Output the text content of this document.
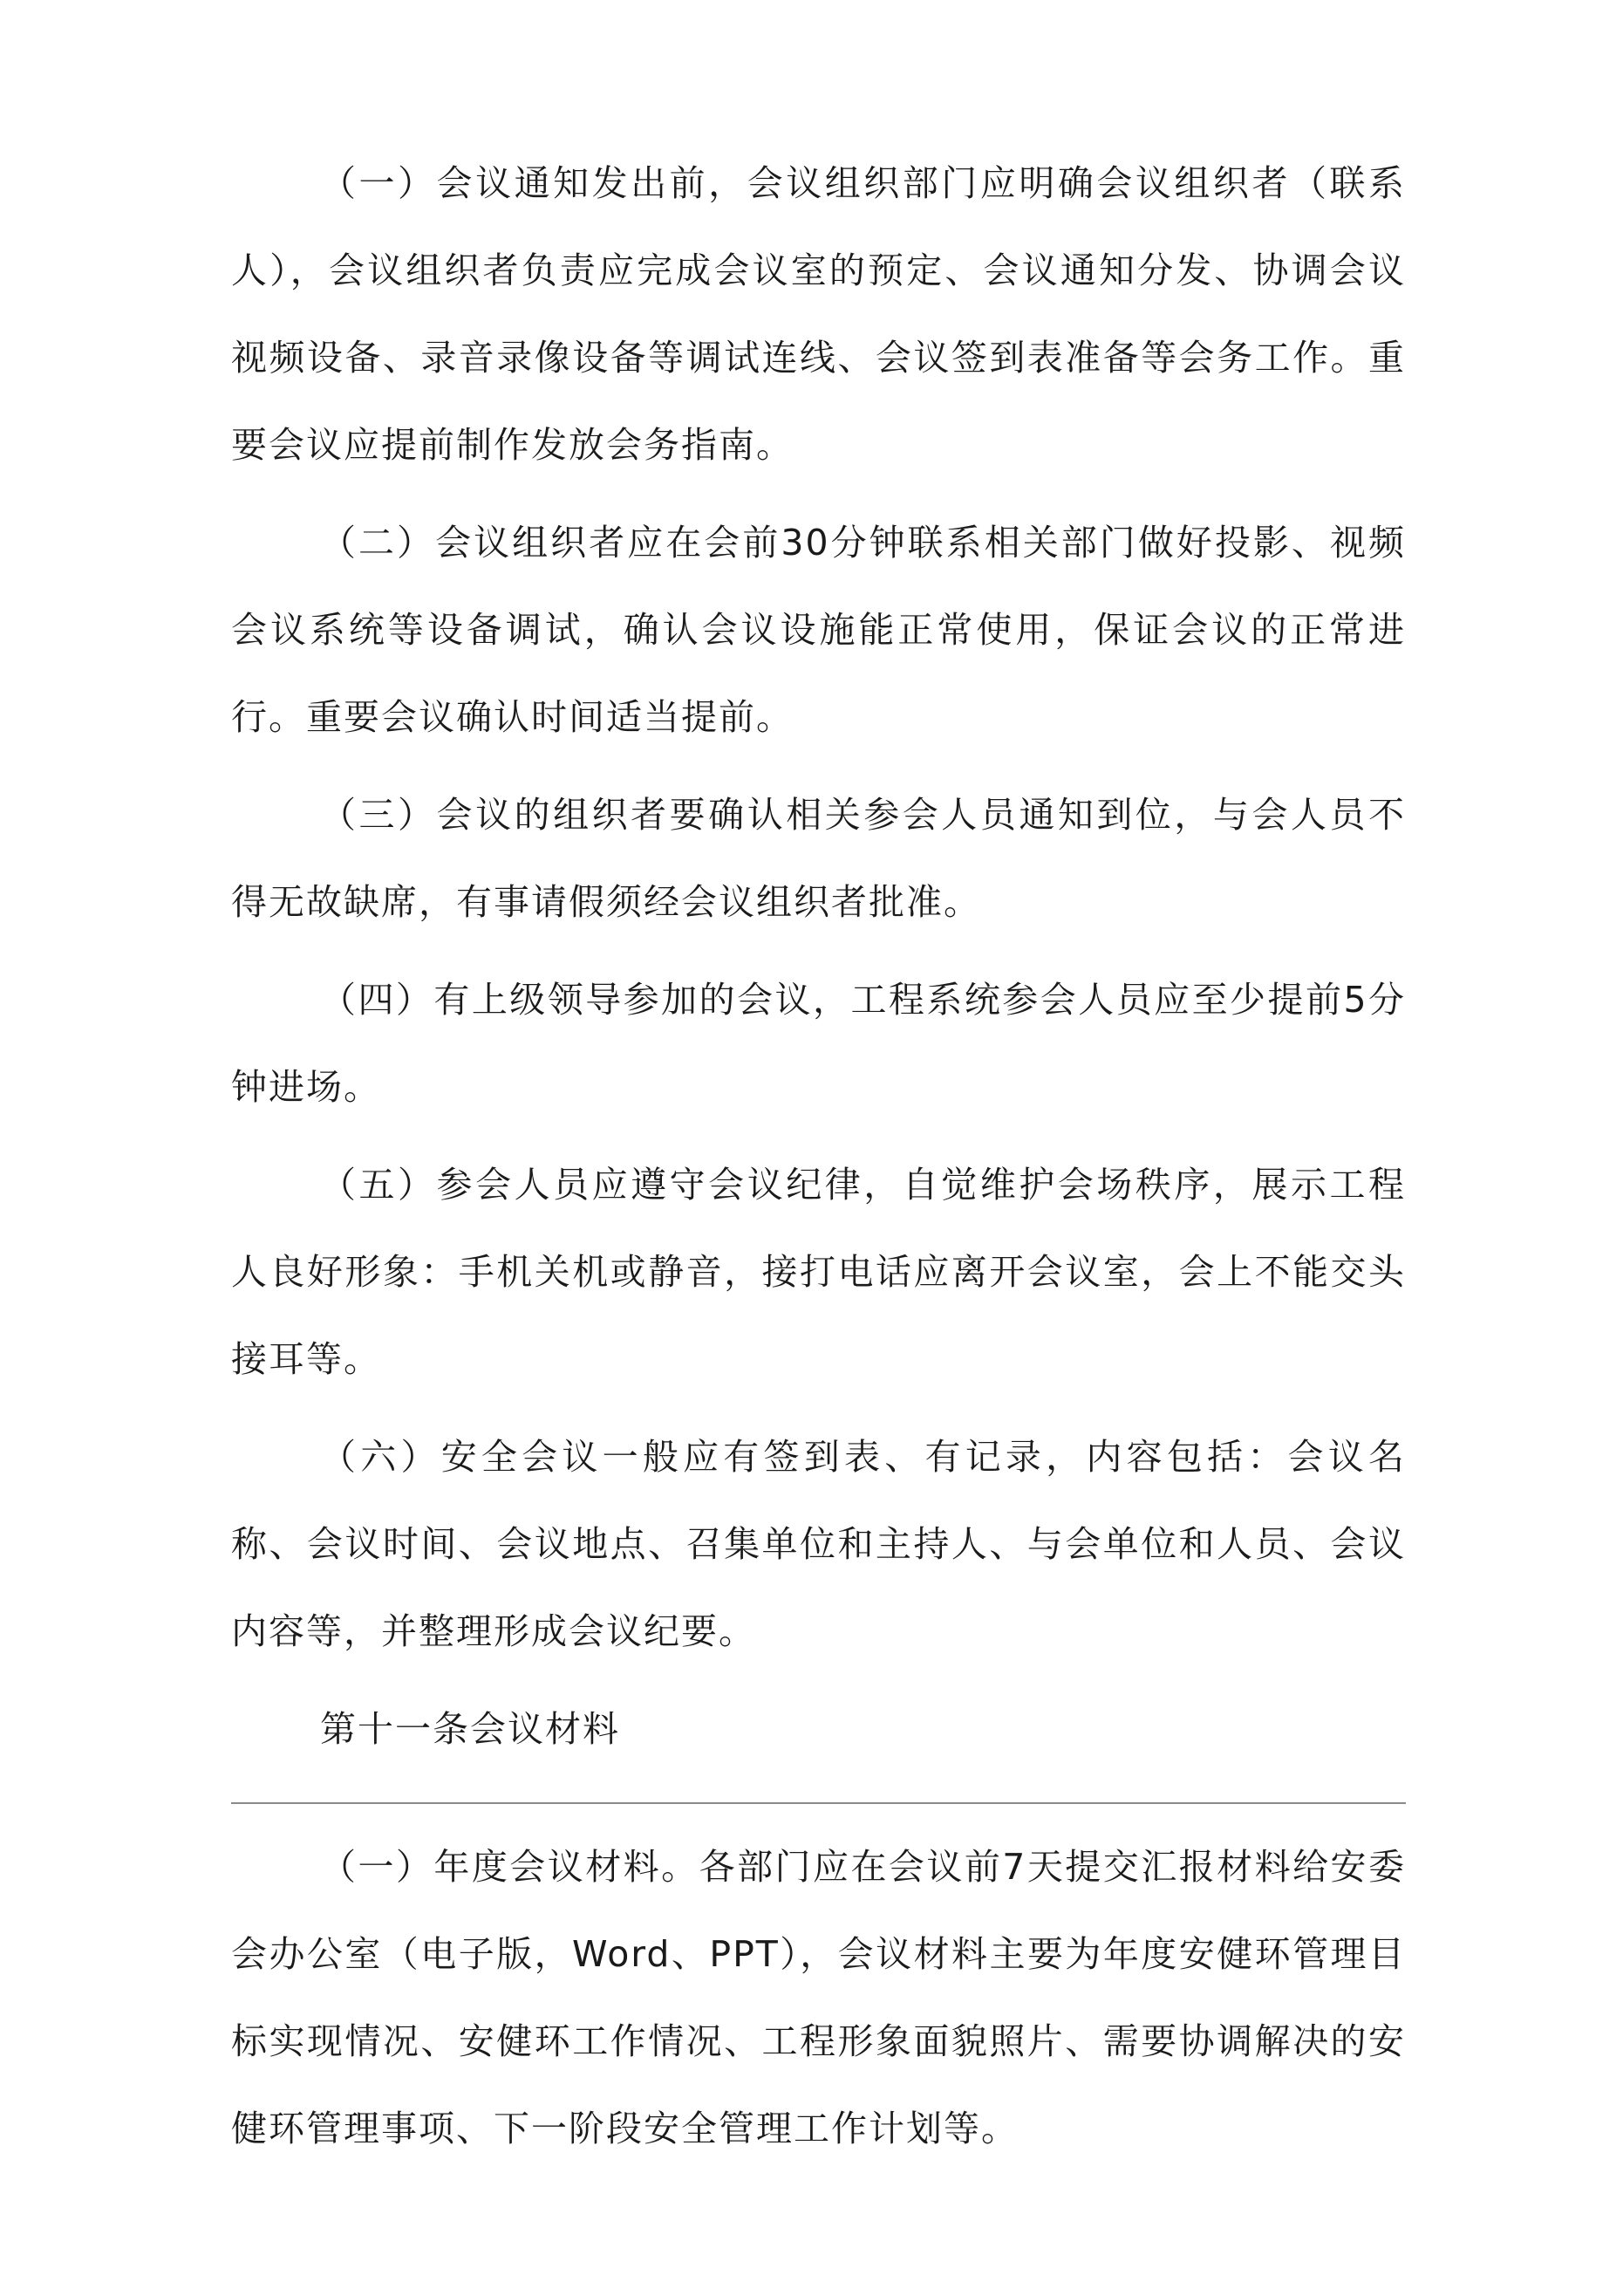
（一）会议通知发出前，会议组织部门应明确会议组织者（联系人），会议组织者负责应完成会议室的预定、会议通知分发、协调会议视频设备、录音录像设备等调试连线、会议签到表准备等会务工作。重要会议应提前制作发放会务指南。

（二）会议组织者应在会前30分钟联系相关部门做好投影、视频会议系统等设备调试，确认会议设施能正常使用，保证会议的正常进行。重要会议确认时间适当提前。

（三）会议的组织者要确认相关参会人员通知到位，与会人员不得无故缺席，有事请假须经会议组织者批准。

（四）有上级领导参加的会议，工程系统参会人员应至少提前5分钟进场。

（五）参会人员应遵守会议纪律，自觉维护会场秩序，展示工程人良好形象：手机关机或静音，接打电话应离开会议室，会上不能交头接耳等。

（六）安全会议一般应有签到表、有记录，内容包括：会议名称、会议时间、会议地点、召集单位和主持人、与会单位和人员、会议内容等，并整理形成会议纪要。

第十一条会议材料

（一）年度会议材料。各部门应在会议前7天提交汇报材料给安委会办公室（电子版，Word、PPT），会议材料主要为年度安健环管理目标实现情况、安健环工作情况、工程形象面貌照片、需要协调解决的安健环管理事项、下一阶段安全管理工作计划等。
